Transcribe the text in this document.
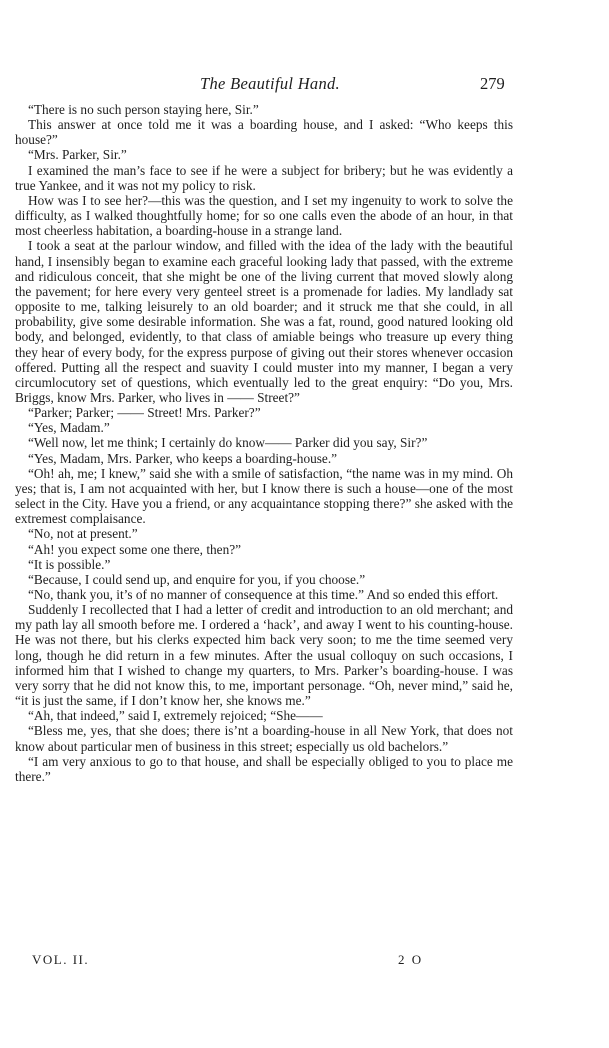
The Beautiful Hand.	279

“There is no such person staying here, Sir.”

This answer at once told me it was a boarding house, and I asked: “Who keeps this house?”

“Mrs. Parker, Sir.”

I examined the man’s face to see if he were a subject for bribery; but he was evidently a true Yankee, and it was not my policy to risk.

How was I to see her?—this was the question, and I set my ingenuity to work to solve the difficulty, as I walked thoughtfully home; for so one calls even the abode of an hour, in that most cheerless habitation, a boarding-house in a strange land.

I took a seat at the parlour window, and filled with the idea of the lady with the beautiful hand, I insensibly began to examine each graceful looking lady that passed, with the extreme and ridiculous conceit, that she might be one of the living current that moved slowly along the pavement; for here every very genteel street is a promenade for ladies. My landlady sat opposite to me, talking leisurely to an old boarder; and it struck me that she could, in all probability, give some desirable information. She was a fat, round, good natured looking old body, and belonged, evidently, to that class of amiable beings who treasure up every thing they hear of every body, for the express purpose of giving out their stores whenever occasion offered. Putting all the respect and suavity I could muster into my manner, I began a very circumlocutory set of questions, which eventually led to the great enquiry: “Do you, Mrs. Briggs, know Mrs. Parker, who lives in —— Street?”

“Parker; Parker; —— Street! Mrs. Parker?”

“Yes, Madam.”

“Well now, let me think; I certainly do know—— Parker did you say, Sir?”

“Yes, Madam, Mrs. Parker, who keeps a boarding-house.”

“Oh! ah, me; I knew,” said she with a smile of satisfaction, “the name was in my mind. Oh yes; that is, I am not acquainted with her, but I know there is such a house—one of the most select in the City. Have you a friend, or any acquaintance stopping there?” she asked with the extremest complaisance.

“No, not at present.”

“Ah! you expect some one there, then?”

“It is possible.”

“Because, I could send up, and enquire for you, if you choose.”

“No, thank you, it’s of no manner of consequence at this time.” And so ended this effort.

Suddenly I recollected that I had a letter of credit and introduction to an old merchant; and my path lay all smooth before me. I ordered a ‘hack’, and away I went to his counting-house. He was not there, but his clerks expected him back very soon; to me the time seemed very long, though he did return in a few minutes. After the usual colloquy on such occasions, I informed him that I wished to change my quarters, to Mrs. Parker’s boarding-house. I was very sorry that he did not know this, to me, important personage. “Oh, never mind,” said he, “it is just the same, if I don’t know her, she knows me.”

“Ah, that indeed,” said I, extremely rejoiced; “She——

“Bless me, yes, that she does; there is’nt a boarding-house in all New York, that does not know about particular men of business in this street; especially us old bachelors.”

“I am very anxious to go to that house, and shall be especially obliged to you to place me there.”

VOL. II.	2 O
